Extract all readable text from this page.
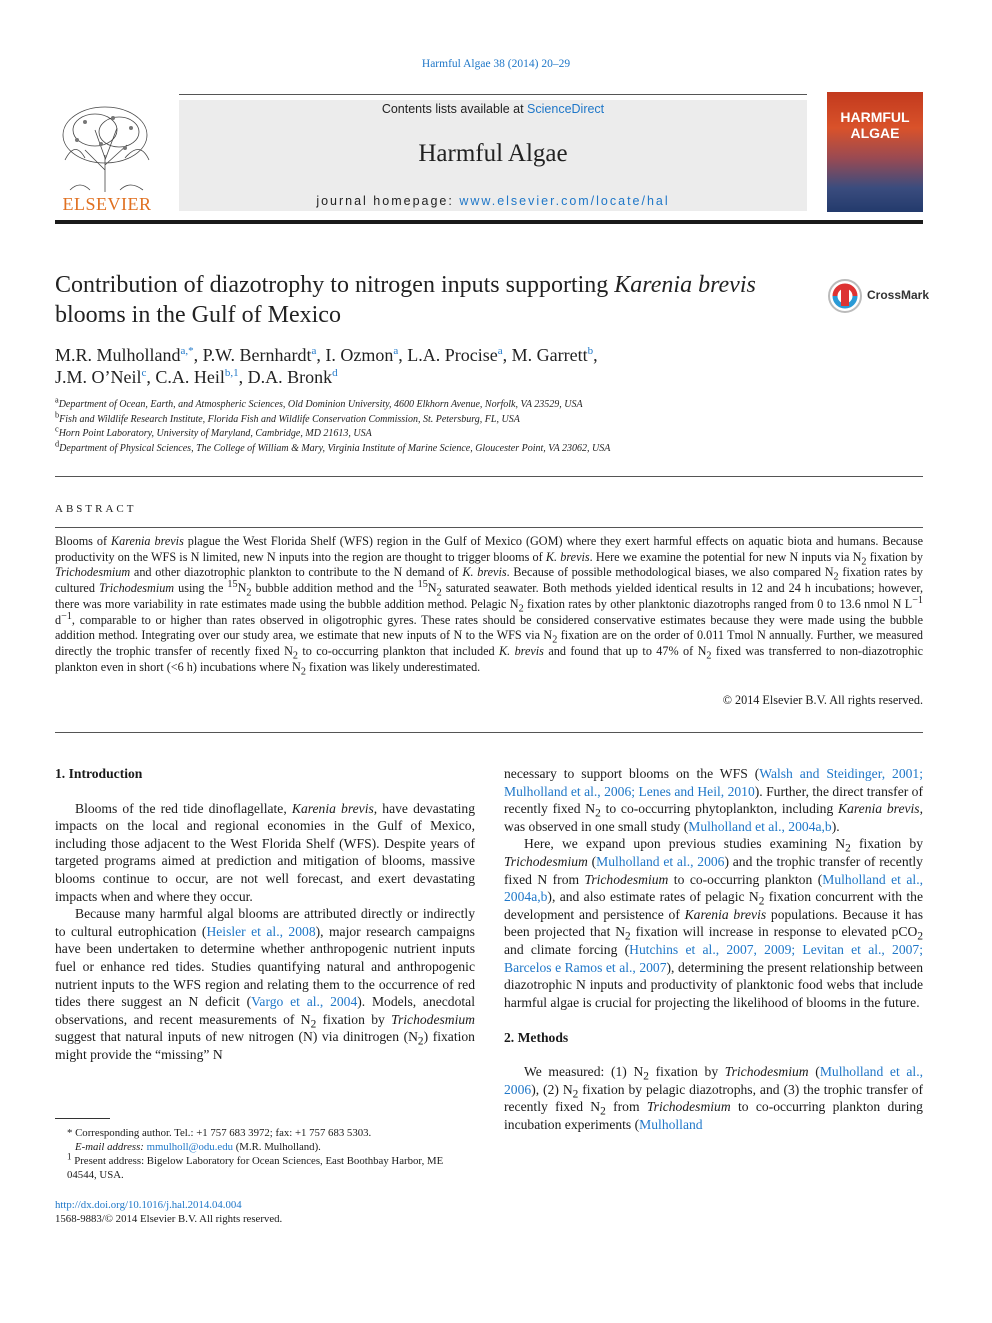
Harmful Algae 38 (2014) 20–29
ELSEVIER
Contents lists available at ScienceDirect
Harmful Algae
journal homepage: www.elsevier.com/locate/hal
HARMFUL
ALGAE
Contribution of diazotrophy to nitrogen inputs supporting Karenia brevis blooms in the Gulf of Mexico
CrossMark
M.R. Mulholland$^{a,*}$, P.W. Bernhardt$^a$, I. Ozmon$^a$, L.A. Procise$^a$, M. Garrett$^b$,
J.M. O’Neil$^c$, C.A. Heil$^{b,1}$, D.A. Bronk$^d$
$^a$Department of Ocean, Earth, and Atmospheric Sciences, Old Dominion University, 4600 Elkhorn Avenue, Norfolk, VA 23529, USA
$^b$Fish and Wildlife Research Institute, Florida Fish and Wildlife Conservation Commission, St. Petersburg, FL, USA
$^c$Horn Point Laboratory, University of Maryland, Cambridge, MD 21613, USA
$^d$Department of Physical Sciences, The College of William & Mary, Virginia Institute of Marine Science, Gloucester Point, VA 23062, USA
ABSTRACT
Blooms of Karenia brevis plague the West Florida Shelf (WFS) region in the Gulf of Mexico (GOM) where they exert harmful effects on aquatic biota and humans. Because productivity on the WFS is N limited, new N inputs into the region are thought to trigger blooms of K. brevis. Here we examine the potential for new N inputs via $N_2$ fixation by Trichodesmium and other diazotrophic plankton to contribute to the N demand of K. brevis. Because of possible methodological biases, we also compared $N_2$ fixation rates by cultured Trichodesmium using the $^{15}N_2$ bubble addition method and the $^{15}N_2$ saturated seawater. Both methods yielded identical results in 12 and 24 h incubations; however, there was more variability in rate estimates made using the bubble addition method. Pelagic $N_2$ fixation rates by other planktonic diazotrophs ranged from 0 to 13.6 nmol N $L^{-1}$ $d^{-1}$, comparable to or higher than rates observed in oligotrophic gyres. These rates should be considered conservative estimates because they were made using the bubble addition method. Integrating over our study area, we estimate that new inputs of N to the WFS via $N_2$ fixation are on the order of 0.011 Tmol N annually. Further, we measured directly the trophic transfer of recently fixed $N_2$ to co-occurring plankton that included K. brevis and found that up to 47% of $N_2$ fixed was transferred to non-diazotrophic plankton even in short (<6 h) incubations where $N_2$ fixation was likely underestimated.
© 2014 Elsevier B.V. All rights reserved.

1. Introduction

Blooms of the red tide dinoflagellate, Karenia brevis, have devastating impacts on the local and regional economies in the Gulf of Mexico, including those adjacent to the West Florida Shelf (WFS). Despite years of targeted programs aimed at prediction and mitigation of blooms, massive blooms continue to occur, are not well forecast, and exert devastating impacts when and where they occur.

Because many harmful algal blooms are attributed directly or indirectly to cultural eutrophication (Heisler et al., 2008), major research campaigns have been undertaken to determine whether anthropogenic nutrient inputs fuel or enhance red tides. Studies quantifying natural and anthropogenic nutrient inputs to the WFS region and relating them to the occurrence of red tides there suggest an N deficit (Vargo et al., 2004). Models, anecdotal observations, and recent measurements of $N_2$ fixation by Trichodesmium suggest that natural inputs of new nitrogen (N) via dinitrogen $(N_2)$ fixation might provide the “missing” N

* Corresponding author. Tel.: +1 757 683 3972; fax: +1 757 683 5303.
E-mail address: mmulholl@odu.edu (M.R. Mulholland).
$^1$ Present address: Bigelow Laboratory for Ocean Sciences, East Boothbay Harbor, ME 04544, USA.
http://dx.doi.org/10.1016/j.hal.2014.04.004
1568-9883/© 2014 Elsevier B.V. All rights reserved.

necessary to support blooms on the WFS (Walsh and Steidinger, 2001; Mulholland et al., 2006; Lenes and Heil, 2010). Further, the direct transfer of recently fixed $N_2$ to co-occurring phytoplankton, including Karenia brevis, was observed in one small study (Mulholland et al., 2004a,b).

Here, we expand upon previous studies examining $N_2$ fixation by Trichodesmium (Mulholland et al., 2006) and the trophic transfer of recently fixed N from Trichodesmium to co-occurring plankton (Mulholland et al., 2004a,b), and also estimate rates of pelagic $N_2$ fixation concurrent with the development and persistence of Karenia brevis populations. Because it has been projected that $N_2$ fixation will increase in response to elevated pCO$_2$ and climate forcing (Hutchins et al., 2007, 2009; Levitan et al., 2007; Barcelos e Ramos et al., 2007), determining the present relationship between diazotrophic N inputs and productivity of planktonic food webs that include harmful algae is crucial for projecting the likelihood of blooms in the future.

2. Methods

We measured: (1) $N_2$ fixation by Trichodesmium (Mulholland et al., 2006), (2) $N_2$ fixation by pelagic diazotrophs, and (3) the trophic transfer of recently fixed $N_2$ from Trichodesmium to co-occurring plankton during incubation experiments (Mulholland
